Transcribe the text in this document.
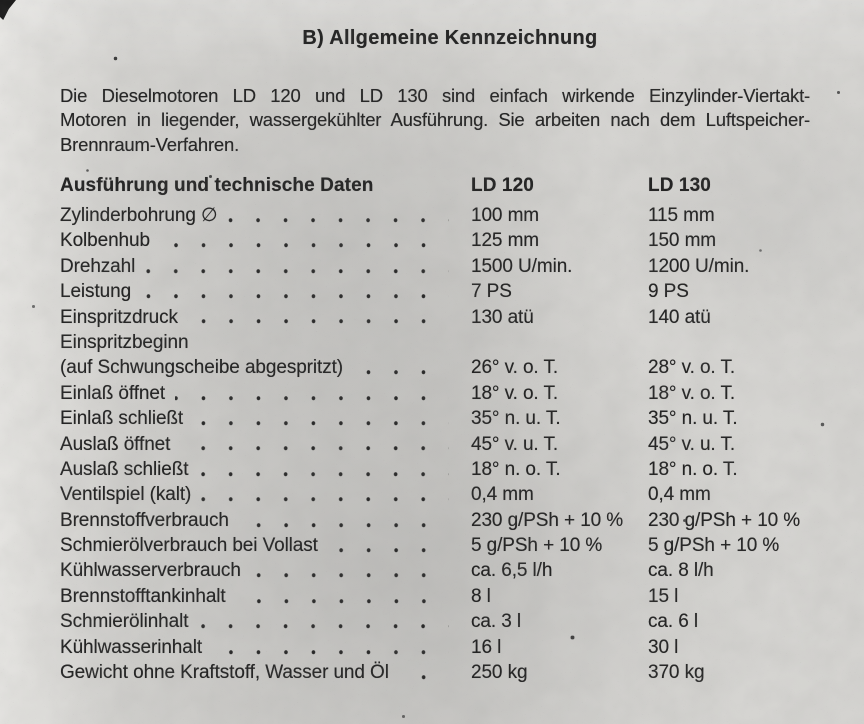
B) Allgemeine Kennzeichnung
Die Dieselmotoren LD 120 und LD 130 sind einfach wirkende Einzylinder-Viertakt-
Motoren in liegender, wassergekühlter Ausführung. Sie arbeiten nach dem Luftspeicher-
Brennraum-Verfahren.
Ausführung und technische Daten	LD 120	LD 130
Zylinderbohrung ∅	100 mm	115 mm
Kolbenhub	125 mm	150 mm
Drehzahl	1500 U/min.	1200 U/min.
Leistung	7 PS	9 PS
Einspritzdruck	130 atü	140 atü
Einspritzbeginn
(auf Schwungscheibe abgespritzt)	26° v. o. T.	28° v. o. T.
Einlaß öffnet	18° v. o. T.	18° v. o. T.
Einlaß schließt	35° n. u. T.	35° n. u. T.
Auslaß öffnet	45° v. u. T.	45° v. u. T.
Auslaß schließt	18° n. o. T.	18° n. o. T.
Ventilspiel (kalt)	0,4 mm	0,4 mm
Brennstoffverbrauch	230 g/PSh + 10 %	230 g/PSh + 10 %
Schmierölverbrauch bei Vollast	5 g/PSh + 10 %	5 g/PSh + 10 %
Kühlwasserverbrauch	ca. 6,5 l/h	ca. 8 l/h
Brennstofftankinhalt	8 l	15 l
Schmierölinhalt	ca. 3 l	ca. 6 l
Kühlwasserinhalt	16 l	30 l
Gewicht ohne Kraftstoff, Wasser und Öl	250 kg	370 kg
